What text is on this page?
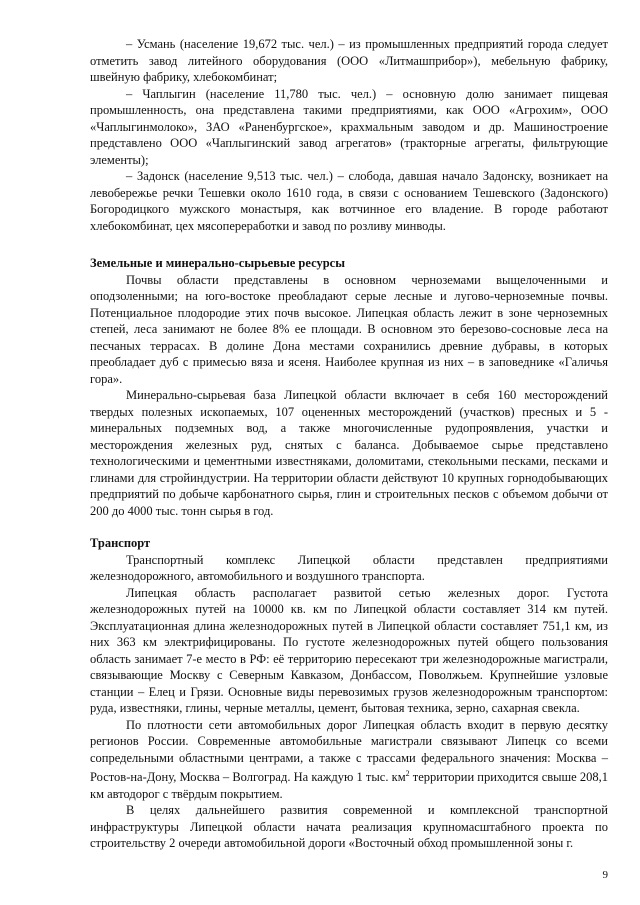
– Усмань (население 19,672 тыс. чел.) – из промышленных предприятий города следует отметить завод литейного оборудования (ООО «Литмашприбор»), мебельную фабрику, швейную фабрику, хлебокомбинат;

– Чаплыгин (население 11,780 тыс. чел.) – основную долю занимает пищевая промышленность, она представлена такими предприятиями, как ООО «Агрохим», ООО «Чаплыгинмолоко», ЗАО «Раненбургское», крахмальным заводом и др. Машиностроение представлено ООО «Чаплыгинский завод агрегатов» (тракторные агрегаты, фильтрующие элементы);

– Задонск (население 9,513 тыс. чел.) – слобода, давшая начало Задонску, возникает на левобережье речки Тешевки около 1610 года, в связи с основанием Тешевского (Задонского) Богородицкого мужского монастыря, как вотчинное его владение. В городе работают хлебокомбинат, цех мясопереработки и завод по розливу минводы.

Земельные и минерально-сырьевые ресурсы

Почвы области представлены в основном черноземами выщелоченными и оподзоленными; на юго-востоке преобладают серые лесные и лугово-черноземные почвы. Потенциальное плодородие этих почв высокое. Липецкая область лежит в зоне черноземных степей, леса занимают не более 8% ее площади. В основном это березово-сосновые леса на песчаных террасах. В долине Дона местами сохранились древние дубравы, в которых преобладает дуб с примесью вяза и ясеня. Наиболее крупная из них – в заповеднике «Галичья гора».

Минерально-сырьевая база Липецкой области включает в себя 160 месторождений твердых полезных ископаемых, 107 оцененных месторождений (участков) пресных и 5 - минеральных подземных вод, а также многочисленные рудопроявления, участки и месторождения железных руд, снятых с баланса. Добываемое сырье представлено технологическими и цементными известняками, доломитами, стекольными песками, песками и глинами для стройиндустрии. На территории области действуют 10 крупных горнодобывающих предприятий по добыче карбонатного сырья, глин и строительных песков с объемом добычи от 200 до 4000 тыс. тонн сырья в год.

Транспорт

Транспортный комплекс Липецкой области представлен предприятиями железнодорожного, автомобильного и воздушного транспорта.

Липецкая область располагает развитой сетью железных дорог. Густота железнодорожных путей на 10000 кв. км по Липецкой области составляет 314 км путей. Эксплуатационная длина железнодорожных путей в Липецкой области составляет 751,1 км, из них 363 км электрифицированы. По густоте железнодорожных путей общего пользования область занимает 7-е место в РФ: её территорию пересекают три железнодорожные магистрали, связывающие Москву с Северным Кавказом, Донбассом, Поволжьем. Крупнейшие узловые станции – Елец и Грязи. Основные виды перевозимых грузов железнодорожным транспортом: руда, известняки, глины, черные металлы, цемент, бытовая техника, зерно, сахарная свекла.

По плотности сети автомобильных дорог Липецкая область входит в первую десятку регионов России. Современные автомобильные магистрали связывают Липецк со всеми сопредельными областными центрами, а также с трассами федерального значения: Москва – Ростов-на-Дону, Москва – Волгоград. На каждую 1 тыс. $км^2$ территории приходится свыше 208,1 км автодорог с твёрдым покрытием.

В целях дальнейшего развития современной и комплексной транспортной инфраструктуры Липецкой области начата реализация крупномасштабного проекта по строительству 2 очереди автомобильной дороги «Восточный обход промышленной зоны г.

9
